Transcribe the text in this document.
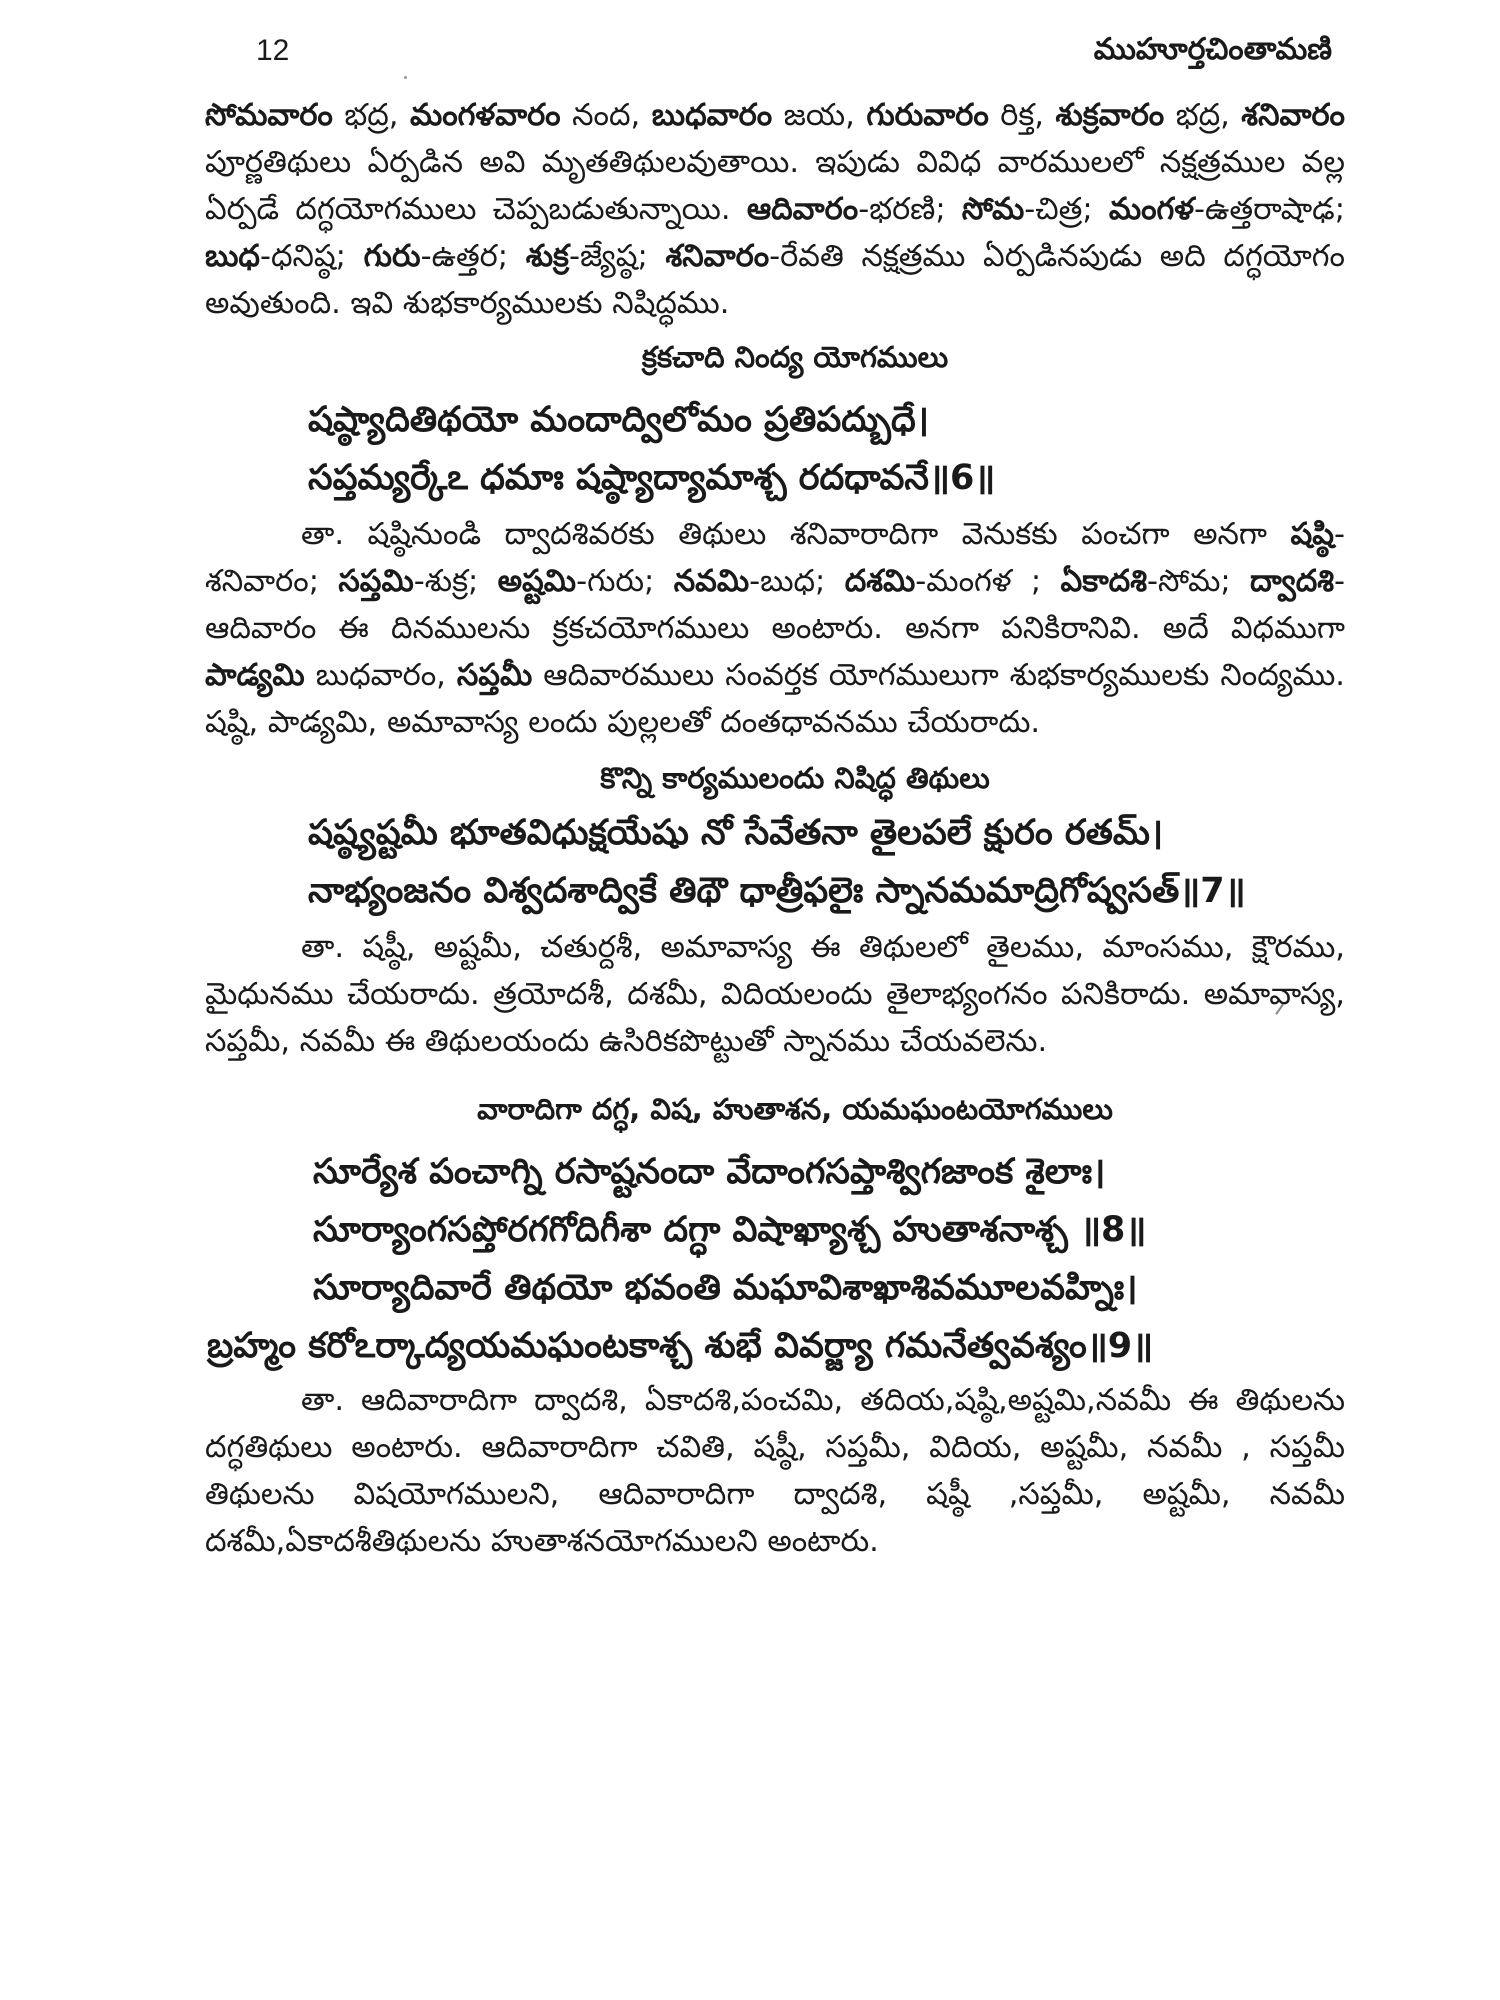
12	ముహూర్తచింతామణి

సోమవారం భద్ర, మంగళవారం నంద, బుధవారం జయ, గురువారం రిక్త, శుక్రవారం భద్ర, శనివారం పూర్ణతిథులు ఏర్పడిన అవి మృతతిథులవుతాయి. ఇపుడు వివిధ వారములలో నక్షత్రముల వల్ల ఏర్పడే దగ్ధయోగములు చెప్పబడుతున్నాయి. ఆదివారం-భరణి; సోమ-చిత్ర; మంగళ-ఉత్తరాషాఢ; బుధ-ధనిష్ఠ; గురు-ఉత్తర; శుక్ర-జ్యేష్ఠ; శనివారం-రేవతి నక్షత్రము ఏర్పడినపుడు అది దగ్ధయోగం అవుతుంది. ఇవి శుభకార్యములకు నిషిద్ధము.

క్రకచాది నింద్య యోగములు

షష్ఠ్యాదితిథయో మందాద్విలోమం ప్రతిపద్బుధే।

సప్తమ్యర్కేఽ ధమాః షష్ఠ్యాద్యామాశ్చ రదధావనే॥6॥

తా. షష్ఠినుండి ద్వాదశివరకు తిథులు శనివారాదిగా వెనుకకు పంచగా అనగా షష్ఠి-శనివారం; సప్తమి-శుక్ర; అష్టమి-గురు; నవమి-బుధ; దశమి-మంగళ ; ఏకాదశి-సోమ; ద్వాదశి-ఆదివారం ఈ దినములను క్రకచయోగములు అంటారు. అనగా పనికిరానివి. అదే విధముగా పాడ్యమి బుధవారం, సప్తమీ ఆదివారములు సంవర్తక యోగములుగా శుభకార్యములకు నింద్యము. షష్ఠి, పాడ్యమి, అమావాస్య లందు పుల్లలతో దంతధావనము చేయరాదు.

కొన్ని కార్యములందు నిషిద్ధ తిథులు

షష్ఠ్యష్టమీ భూతవిధుక్షయేషు నో సేవేతనా తైలపలే క్షురం రతమ్।

నాభ్యంజనం విశ్వదశాద్వికే తిథౌ ధాత్రీఫలైః స్నానమమాద్రిగోష్వసత్॥7॥

తా. షష్ఠీ, అష్టమీ, చతుర్దశీ, అమావాస్య ఈ తిథులలో తైలము, మాంసము, క్షౌరము, మైధునము చేయరాదు. త్రయోదశీ, దశమీ, విదియలందు తైలాభ్యంగనం పనికిరాదు. అమావాస్య, సప్తమీ, నవమీ ఈ తిథులయందు ఉసిరికపొట్టుతో స్నానము చేయవలెను.

వారాదిగా దగ్ధ, విష, హుతాశన, యమఘంటయోగములు

సూర్యేశ పంచాగ్ని రసాష్టనందా వేదాంగసప్తాశ్విగజాంక శైలాః।

సూర్యాంగసప్తోరగగోదిగీశా దగ్ధా విషాఖ్యాశ్చ హుతాశనాశ్చ ॥8॥

సూర్యాదివారే తిథయో భవంతి మఘావిశాఖాశివమూలవహ్నిః।

బ్రహ్మం కరోఽర్కాద్యయమఘంటకాశ్చ శుభే వివర్జ్యా గమనేత్వవశ్యం॥9॥

తా. ఆదివారాదిగా ద్వాదశి, ఏకాదశి,పంచమి, తదియ,షష్ఠి,అష్టమి,నవమీ ఈ తిథులను దగ్ధతిథులు అంటారు. ఆదివారాదిగా చవితి, షష్ఠీ, సప్తమీ, విదియ, అష్టమీ, నవమీ , సప్తమీ తిథులను విషయోగములని, ఆదివారాదిగా ద్వాదశి, షష్ఠీ ,సప్తమీ, అష్టమీ, నవమీ దశమీ,ఏకాదశీతిథులను హుతాశనయోగములని అంటారు.
